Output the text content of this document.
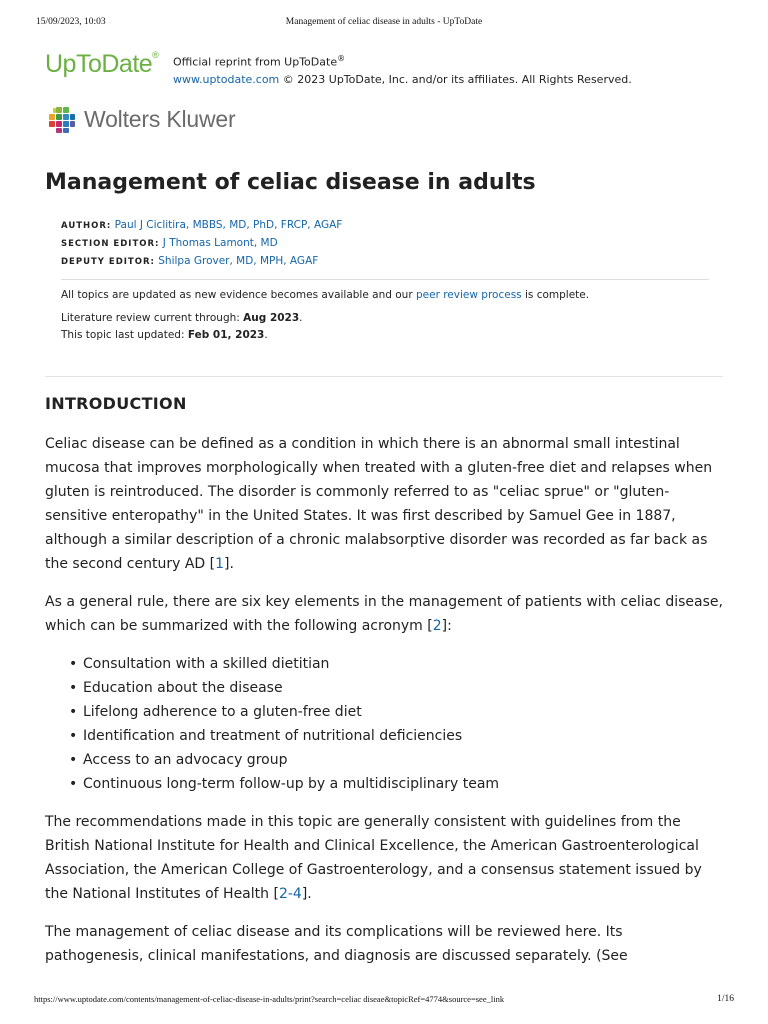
15/09/2023, 10:03	Management of celiac disease in adults - UpToDate
UpToDate®
Official reprint from UpToDate®
www.uptodate.com © 2023 UpToDate, Inc. and/or its affiliates. All Rights Reserved.
Wolters Kluwer
Management of celiac disease in adults
AUTHOR: Paul J Ciclitira, MBBS, MD, PhD, FRCP, AGAF
SECTION EDITOR: J Thomas Lamont, MD
DEPUTY EDITOR: Shilpa Grover, MD, MPH, AGAF
All topics are updated as new evidence becomes available and our peer review process is complete.
Literature review current through: Aug 2023.
This topic last updated: Feb 01, 2023.
INTRODUCTION

Celiac disease can be defined as a condition in which there is an abnormal small intestinal mucosa that improves morphologically when treated with a gluten-free diet and relapses when gluten is reintroduced. The disorder is commonly referred to as "celiac sprue" or "gluten-sensitive enteropathy" in the United States. It was first described by Samuel Gee in 1887, although a similar description of a chronic malabsorptive disorder was recorded as far back as the second century AD [1].

As a general rule, there are six key elements in the management of patients with celiac disease, which can be summarized with the following acronym [2]:

• Consultation with a skilled dietitian
• Education about the disease
• Lifelong adherence to a gluten-free diet
• Identification and treatment of nutritional deficiencies
• Access to an advocacy group
• Continuous long-term follow-up by a multidisciplinary team

The recommendations made in this topic are generally consistent with guidelines from the British National Institute for Health and Clinical Excellence, the American Gastroenterological Association, the American College of Gastroenterology, and a consensus statement issued by the National Institutes of Health [2-4].

The management of celiac disease and its complications will be reviewed here. Its pathogenesis, clinical manifestations, and diagnosis are discussed separately. (See

https://www.uptodate.com/contents/management-of-celiac-disease-in-adults/print?search=celiac diseae&topicRef=4774&source=see_link	1/16
